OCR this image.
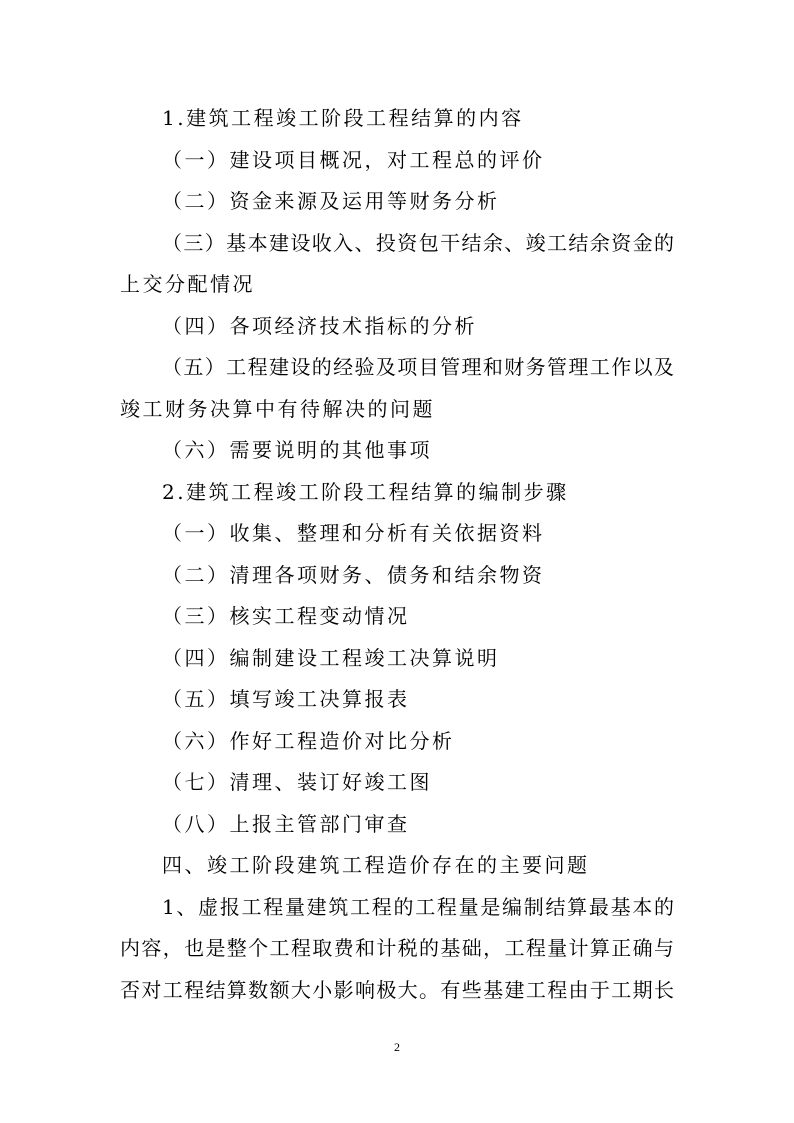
1.建筑工程竣工阶段工程结算的内容
（一）建设项目概况，对工程总的评价
（二）资金来源及运用等财务分析
（三）基本建设收入、投资包干结余、竣工结余资金的
上交分配情况
（四）各项经济技术指标的分析
（五）工程建设的经验及项目管理和财务管理工作以及
竣工财务决算中有待解决的问题
（六）需要说明的其他事项
2.建筑工程竣工阶段工程结算的编制步骤
（一）收集、整理和分析有关依据资料
（二）清理各项财务、债务和结余物资
（三）核实工程变动情况
（四）编制建设工程竣工决算说明
（五）填写竣工决算报表
（六）作好工程造价对比分析
（七）清理、装订好竣工图
（八）上报主管部门审查
四、竣工阶段建筑工程造价存在的主要问题
1、虚报工程量建筑工程的工程量是编制结算最基本的
内容，也是整个工程取费和计税的基础，工程量计算正确与
否对工程结算数额大小影响极大。有些基建工程由于工期长
2
